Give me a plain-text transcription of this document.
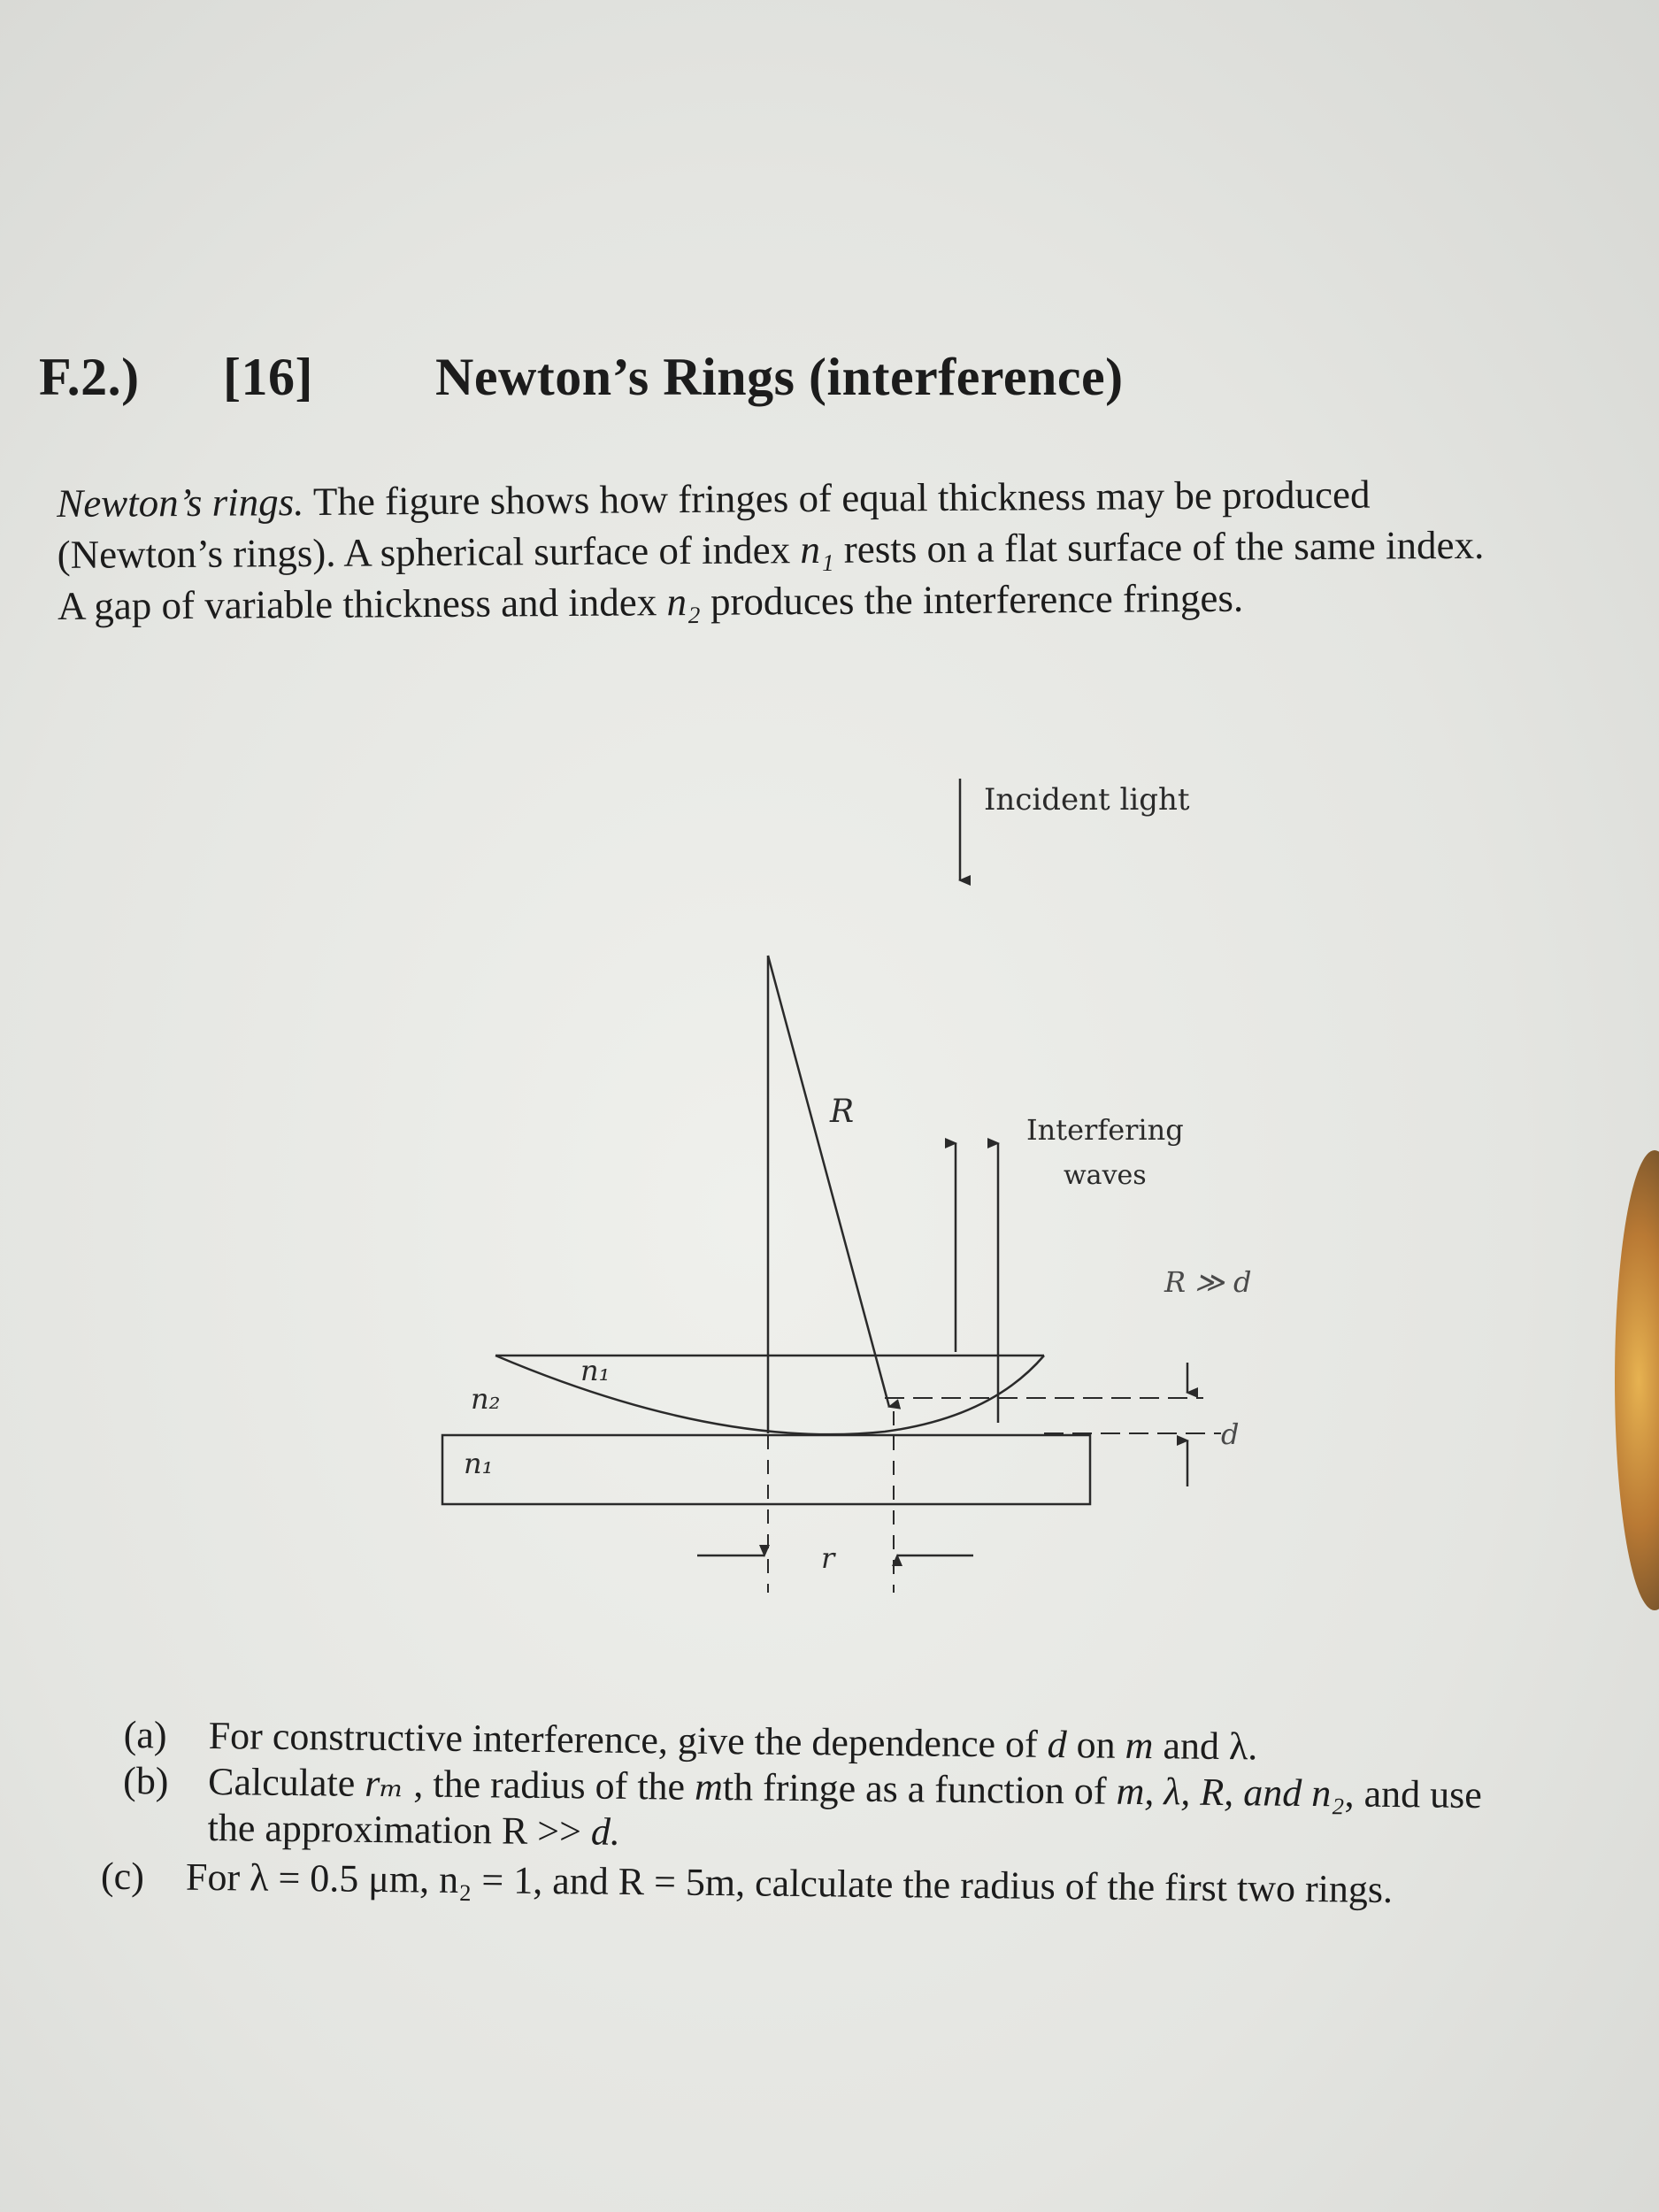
F.2.) [16] Newton’s Rings (interference)
Newton’s rings. The figure shows how fringes of equal thickness may be produced (Newton’s rings). A spherical surface of index n₁ rests on a flat surface of the same index. A gap of variable thickness and index n₂ produces the interference fringes.
Incident light
R	Interfering
waves
R ≫ d
n₁
n₂
n₁
d
r
(a) For constructive interference, give the dependence of d on m and λ.
(b) Calculate rₘ , the radius of the mth fringe as a function of m, λ, R, and n₂, and use the approximation R >> d.
(c) For λ = 0.5 μm, n₂ = 1, and R = 5m, calculate the radius of the first two rings.
